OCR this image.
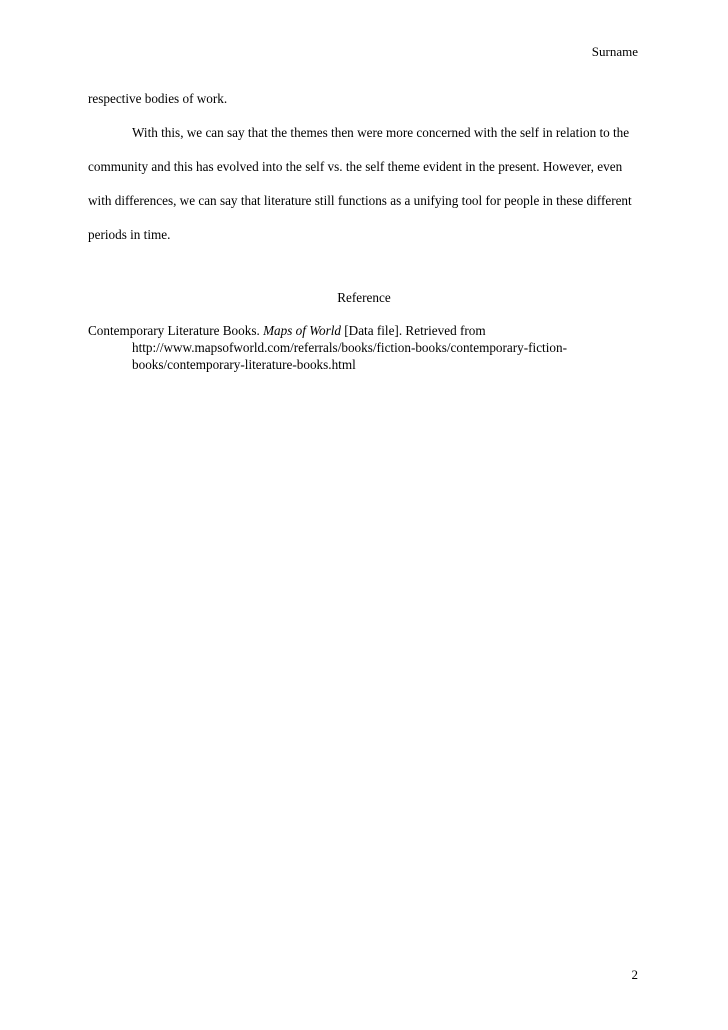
Surname
respective bodies of work.
With this, we can say that the themes then were more concerned with the self in relation to the community and this has evolved into the self vs. the self theme evident in the present. However, even with differences, we can say that literature still functions as a unifying tool for people in these different periods in time.
Reference
Contemporary Literature Books. Maps of World [Data file]. Retrieved from
http://www.mapsofworld.com/referrals/books/fiction-books/contemporary-fiction-
books/contemporary-literature-books.html
2
